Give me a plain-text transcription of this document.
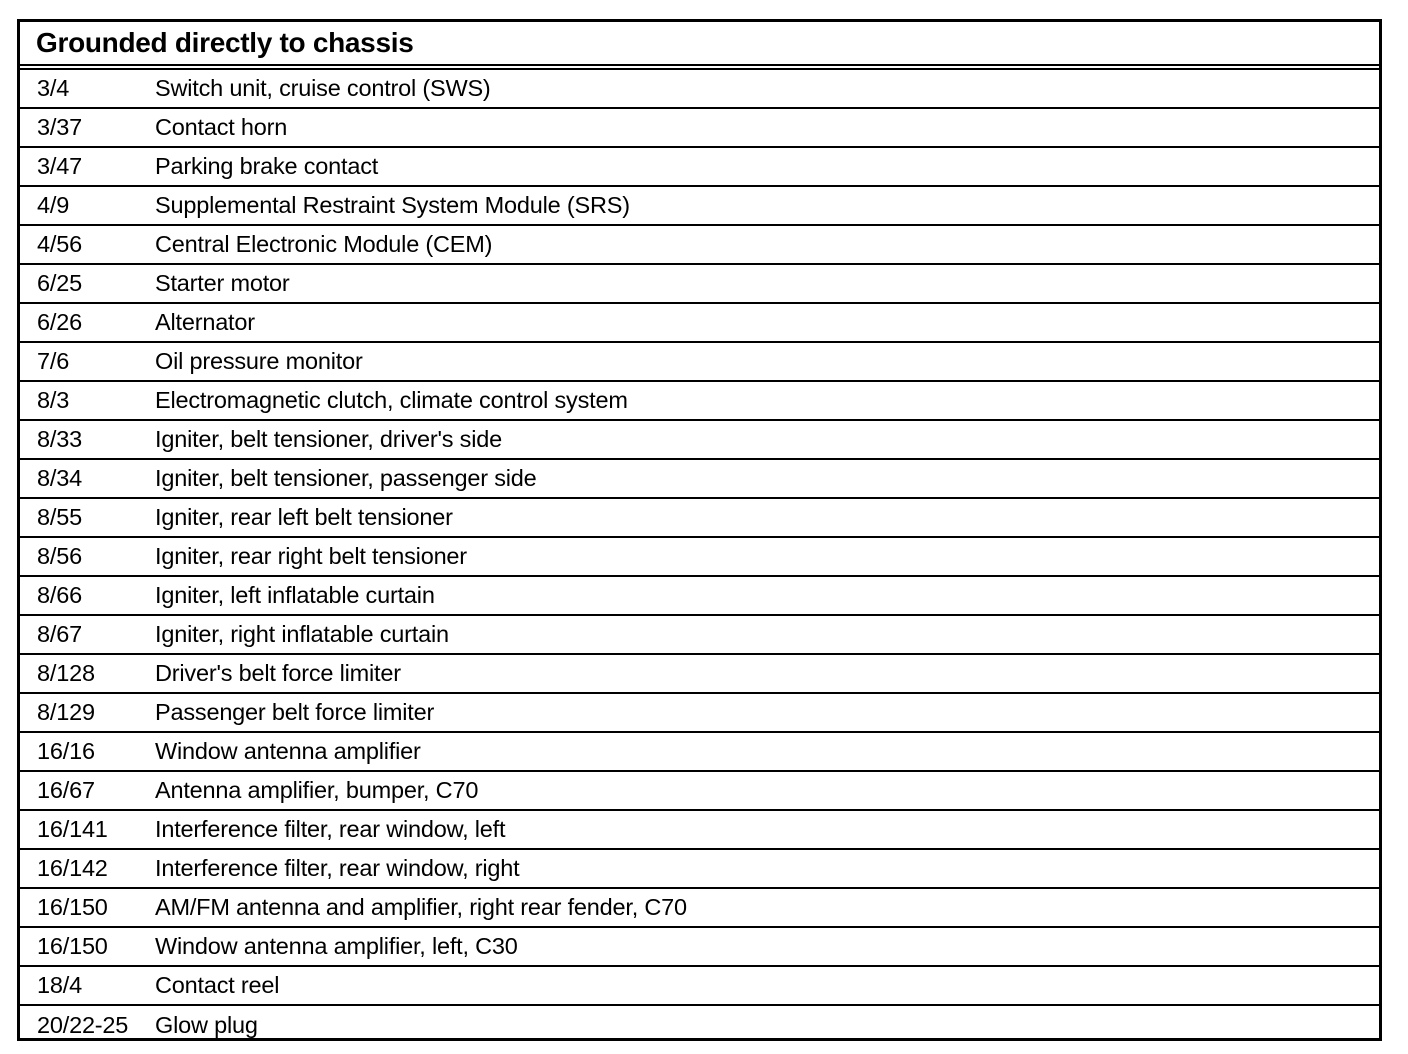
Grounded directly to chassis
3/4	Switch unit, cruise control (SWS)
3/37	Contact horn
3/47	Parking brake contact
4/9	Supplemental Restraint System Module (SRS)
4/56	Central Electronic Module (CEM)
6/25	Starter motor
6/26	Alternator
7/6	Oil pressure monitor
8/3	Electromagnetic clutch, climate control system
8/33	Igniter, belt tensioner, driver's side
8/34	Igniter, belt tensioner, passenger side
8/55	Igniter, rear left belt tensioner
8/56	Igniter, rear right belt tensioner
8/66	Igniter, left inflatable curtain
8/67	Igniter, right inflatable curtain
8/128	Driver's belt force limiter
8/129	Passenger belt force limiter
16/16	Window antenna amplifier
16/67	Antenna amplifier, bumper, C70
16/141	Interference filter, rear window, left
16/142	Interference filter, rear window, right
16/150	AM/FM antenna and amplifier, right rear fender, C70
16/150	Window antenna amplifier, left, C30
18/4	Contact reel
20/22-25	Glow plug
